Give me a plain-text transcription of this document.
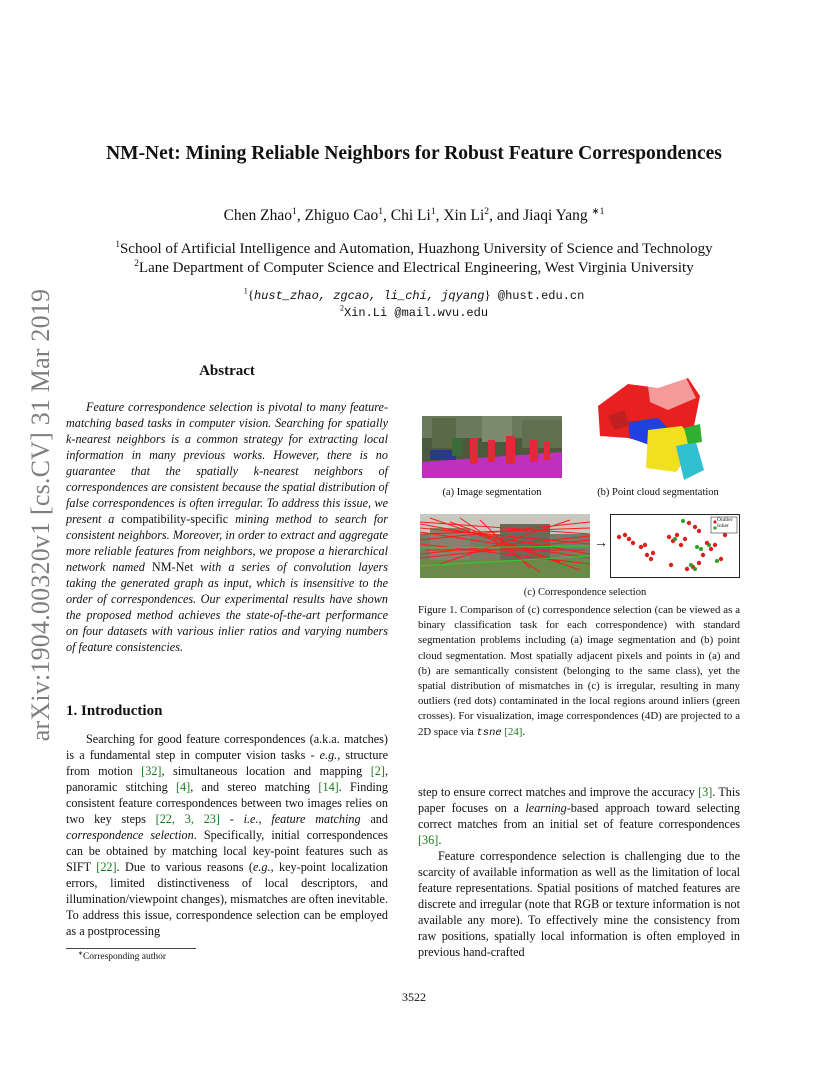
arXiv:1904.00320v1 [cs.CV] 31 Mar 2019
NM-Net: Mining Reliable Neighbors for Robust Feature Correspondences
Chen Zhao$^1$, Zhiguo Cao$^1$, Chi Li$^1$, Xin Li$^2$, and Jiaqi Yang $^{∗1}$
$^1$School of Artificial Intelligence and Automation, Huazhong University of Science and Technology
$^2$Lane Department of Computer Science and Electrical Engineering, West Virginia University
$^1${hust_zhao, zgcao, li_chi, jqyang} @hust.edu.cn
$^2$Xin.Li @mail.wvu.edu
Abstract

Feature correspondence selection is pivotal to many feature-matching based tasks in computer vision. Searching for spatially k-nearest neighbors is a common strategy for extracting local information in many previous works. However, there is no guarantee that the spatially k-nearest neighbors of correspondences are consistent because the spatial distribution of false correspondences is often irregular. To address this issue, we present a compatibility-specific mining method to search for consistent neighbors. Moreover, in order to extract and aggregate more reliable features from neighbors, we propose a hierarchical network named NM-Net with a series of convolution layers taking the generated graph as input, which is insensitive to the order of correspondences. Our experimental results have shown the proposed method achieves the state-of-the-art performance on four datasets with various inlier ratios and varying numbers of feature consistencies.

1. Introduction

Searching for good feature correspondences (a.k.a. matches) is a fundamental step in computer vision tasks - e.g., structure from motion [32], simultaneous location and mapping [2], panoramic stitching [4], and stereo matching [14]. Finding consistent feature correspondences between two images relies on two key steps [22, 3, 23] - i.e., feature matching and correspondence selection. Specifically, initial correspondences can be obtained by matching local key-point features such as SIFT [22]. Due to various reasons (e.g., key-point localization errors, limited distinctiveness of local descriptors, and illumination/viewpoint changes), mismatches are often inevitable. To address this issue, correspondence selection can be employed as a postprocessing

∗Corresponding author
(a) Image segmentation	(b) Point cloud segmentation
→
Outlier
Inlier
(c) Correspondence selection
Figure 1. Comparison of (c) correspondence selection (can be viewed as a binary classification task for each correspondence) with standard segmentation problems including (a) image segmentation and (b) point cloud segmentation. Most spatially adjacent pixels and points in (a) and (b) are semantically consistent (belonging to the same class), yet the spatial distribution of mismatches in (c) is irregular, resulting in many outliers (red dots) contaminated in the local regions around inliers (green crosses). For visualization, image correspondences (4D) are projected to a 2D space via tsne [24].

step to ensure correct matches and improve the accuracy [3]. This paper focuses on a learning-based approach toward selecting correct matches from an initial set of feature correspondences [36].

Feature correspondence selection is challenging due to the scarcity of available information as well as the limitation of local feature representations. Spatial positions of matched features are discrete and irregular (note that RGB or texture information is not available any more). To effectively mine the consistency from raw positions, spatially local information is often employed in previous hand-crafted

3522
